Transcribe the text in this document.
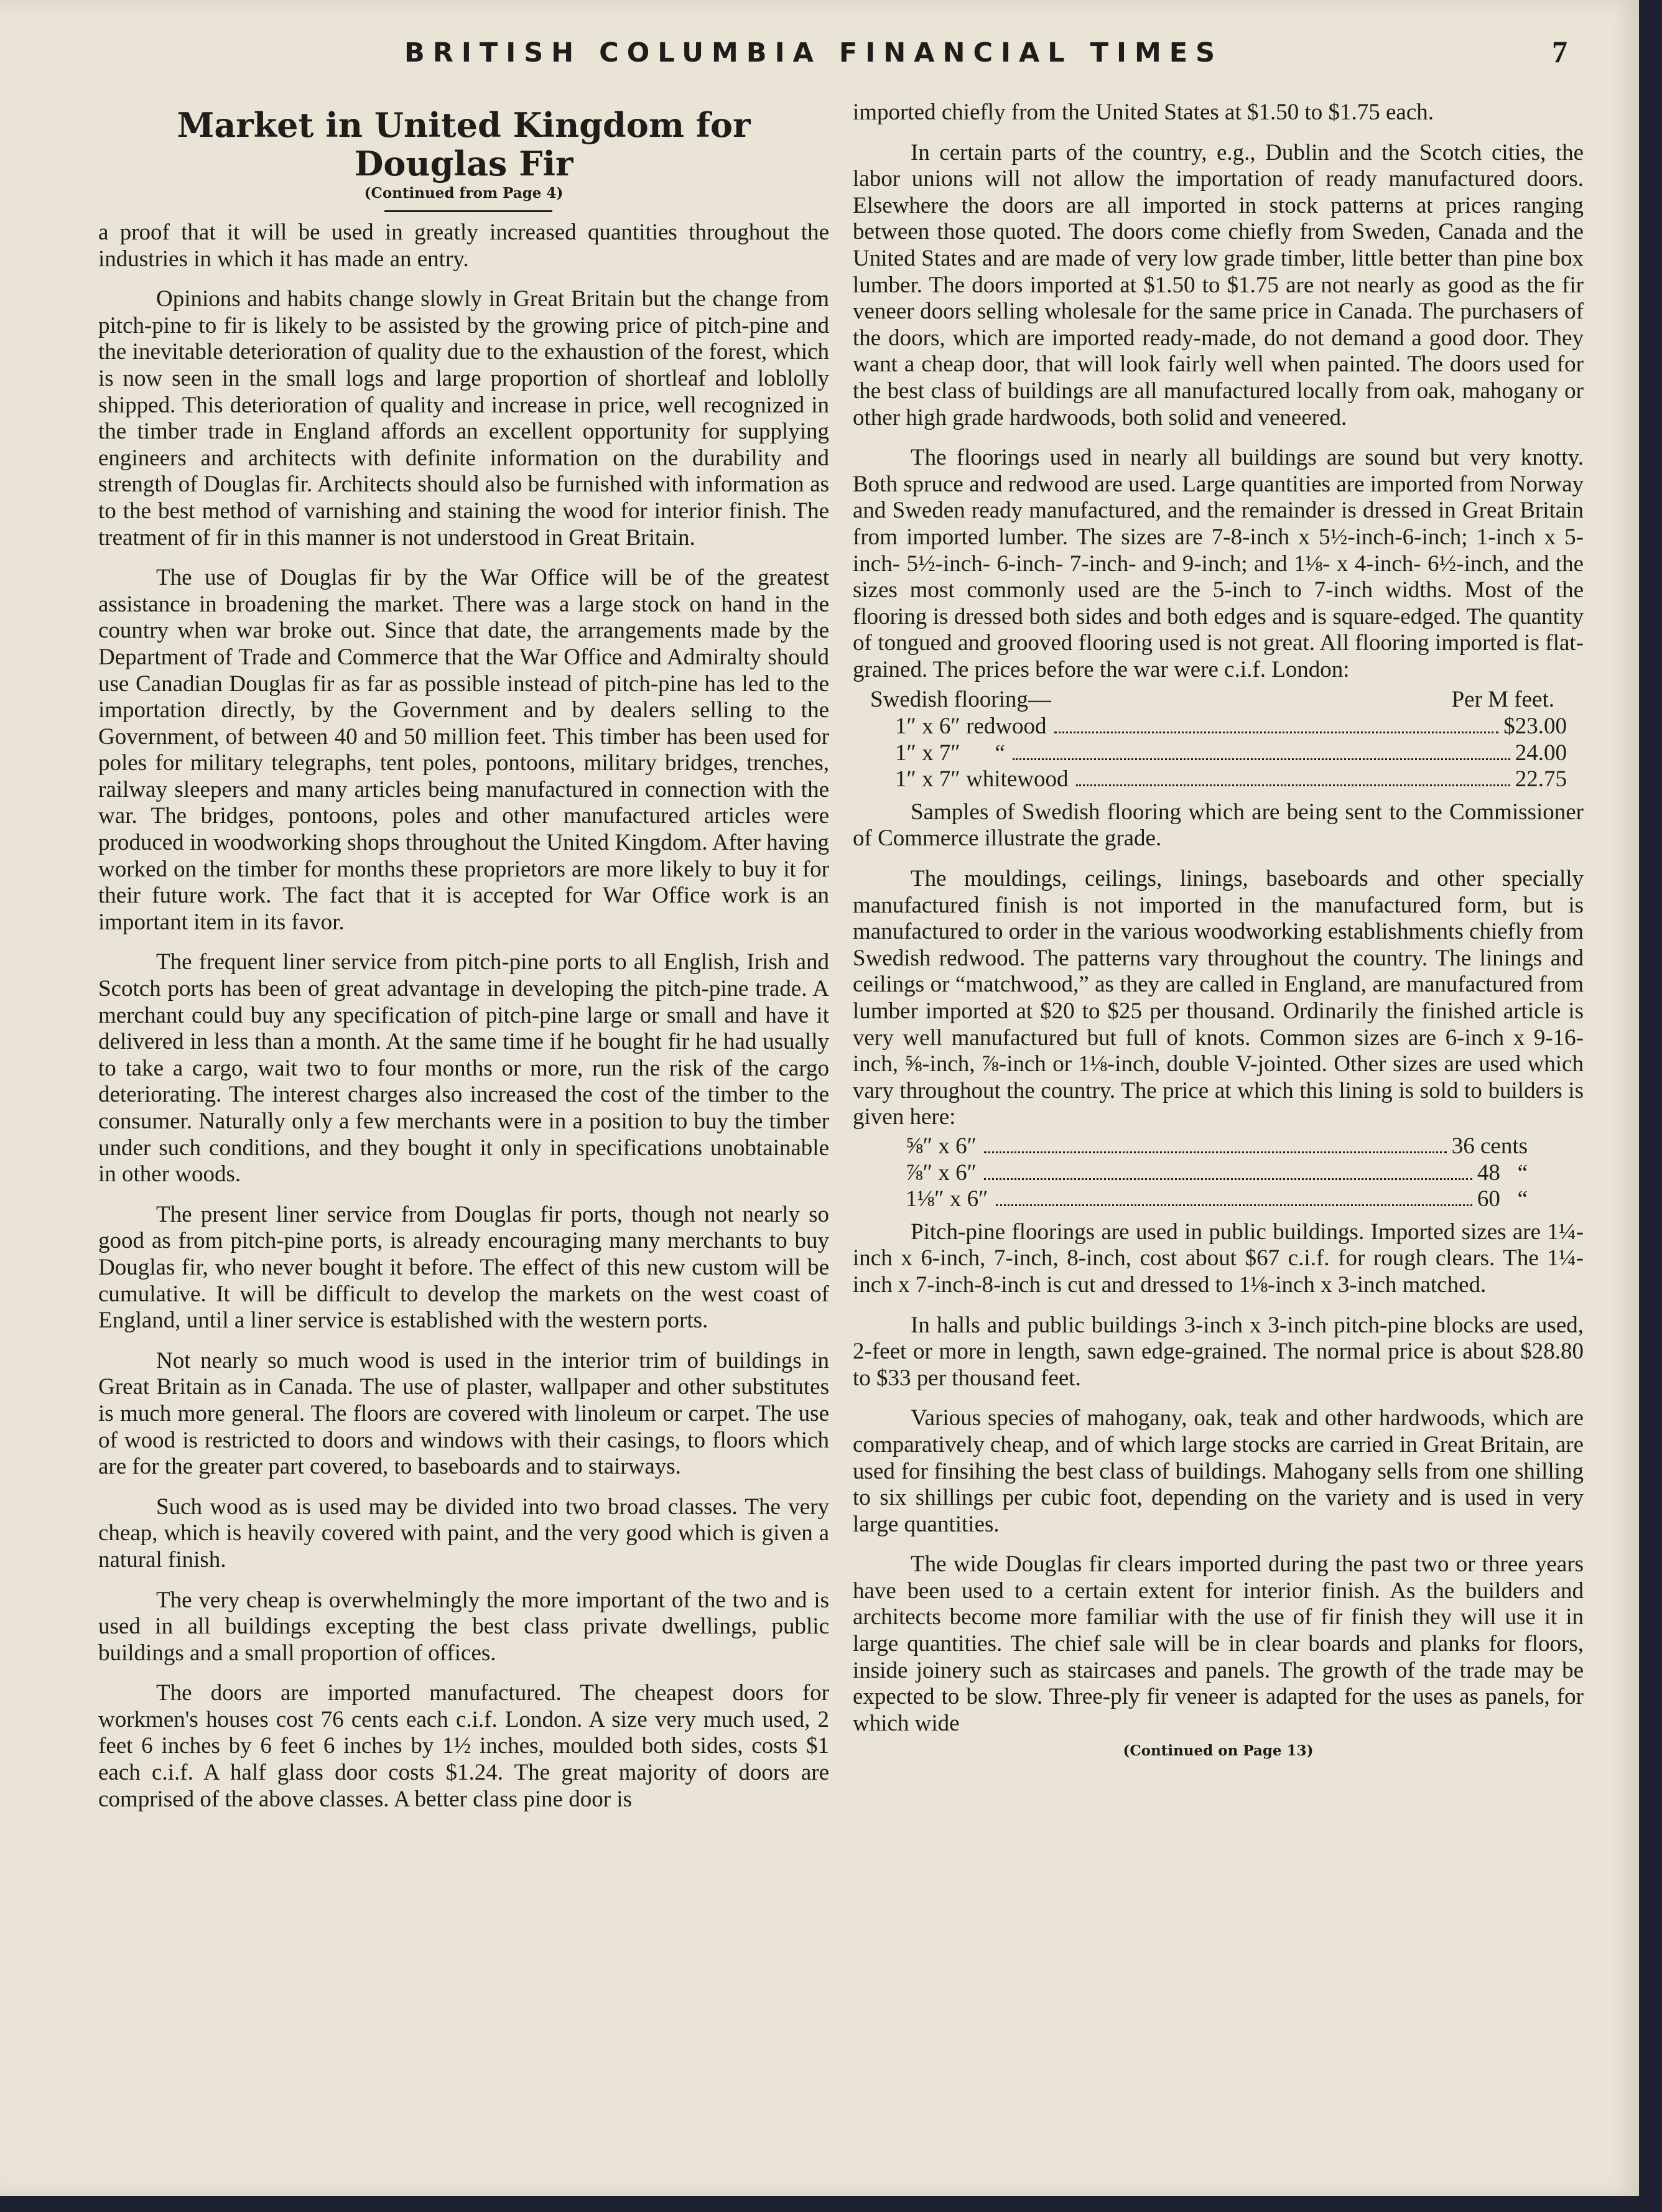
BRITISH COLUMBIA FINANCIAL TIMES	7
Market in United Kingdom for Douglas Fir
(Continued from Page 4)

a proof that it will be used in greatly increased quantities throughout the industries in which it has made an entry.

Opinions and habits change slowly in Great Britain but the change from pitch-pine to fir is likely to be assisted by the growing price of pitch-pine and the inevitable deterioration of quality due to the exhaustion of the forest, which is now seen in the small logs and large proportion of shortleaf and loblolly shipped. This deterioration of quality and increase in price, well recognized in the timber trade in England affords an excellent opportunity for supplying engineers and architects with definite information on the durability and strength of Douglas fir. Architects should also be furnished with information as to the best method of varnishing and staining the wood for interior finish. The treatment of fir in this manner is not understood in Great Britain.

The use of Douglas fir by the War Office will be of the greatest assistance in broadening the market. There was a large stock on hand in the country when war broke out. Since that date, the arrangements made by the Department of Trade and Commerce that the War Office and Admiralty should use Canadian Douglas fir as far as possible instead of pitch-pine has led to the importation directly, by the Government and by dealers selling to the Government, of between 40 and 50 million feet. This timber has been used for poles for military telegraphs, tent poles, pontoons, military bridges, trenches, railway sleepers and many articles being manufactured in connection with the war. The bridges, pontoons, poles and other manufactured articles were produced in woodworking shops throughout the United Kingdom. After having worked on the timber for months these proprietors are more likely to buy it for their future work. The fact that it is accepted for War Office work is an important item in its favor.

The frequent liner service from pitch-pine ports to all English, Irish and Scotch ports has been of great advantage in developing the pitch-pine trade. A merchant could buy any specification of pitch-pine large or small and have it delivered in less than a month. At the same time if he bought fir he had usually to take a cargo, wait two to four months or more, run the risk of the cargo deteriorating. The interest charges also increased the cost of the timber to the consumer. Naturally only a few merchants were in a position to buy the timber under such conditions, and they bought it only in specifications unobtainable in other woods.

The present liner service from Douglas fir ports, though not nearly so good as from pitch-pine ports, is already encouraging many merchants to buy Douglas fir, who never bought it before. The effect of this new custom will be cumulative. It will be difficult to develop the markets on the west coast of England, until a liner service is established with the western ports.

Not nearly so much wood is used in the interior trim of buildings in Great Britain as in Canada. The use of plaster, wallpaper and other substitutes is much more general. The floors are covered with linoleum or carpet. The use of wood is restricted to doors and windows with their casings, to floors which are for the greater part covered, to baseboards and to stairways.

Such wood as is used may be divided into two broad classes. The very cheap, which is heavily covered with paint, and the very good which is given a natural finish.

The very cheap is overwhelmingly the more important of the two and is used in all buildings excepting the best class private dwellings, public buildings and a small proportion of offices.

The doors are imported manufactured. The cheapest doors for workmen's houses cost 76 cents each c.i.f. London. A size very much used, 2 feet 6 inches by 6 feet 6 inches by 1½ inches, moulded both sides, costs $1 each c.i.f. A half glass door costs $1.24. The great majority of doors are comprised of the above classes. A better class pine door is

imported chiefly from the United States at $1.50 to $1.75 each.

In certain parts of the country, e.g., Dublin and the Scotch cities, the labor unions will not allow the importation of ready manufactured doors. Elsewhere the doors are all imported in stock patterns at prices ranging between those quoted. The doors come chiefly from Sweden, Canada and the United States and are made of very low grade timber, little better than pine box lumber. The doors imported at $1.50 to $1.75 are not nearly as good as the fir veneer doors selling wholesale for the same price in Canada. The purchasers of the doors, which are imported ready-made, do not demand a good door. They want a cheap door, that will look fairly well when painted. The doors used for the best class of buildings are all manufactured locally from oak, mahogany or other high grade hardwoods, both solid and veneered.

The floorings used in nearly all buildings are sound but very knotty. Both spruce and redwood are used. Large quantities are imported from Norway and Sweden ready manufactured, and the remainder is dressed in Great Britain from imported lumber. The sizes are 7-8-inch x 5½-inch-6-inch; 1-inch x 5-inch- 5½-inch- 6-inch- 7-inch- and 9-inch; and 1⅛- x 4-inch- 6½-inch, and the sizes most commonly used are the 5-inch to 7-inch widths. Most of the flooring is dressed both sides and both edges and is square-edged. The quantity of tongued and grooved flooring used is not great. All flooring imported is flat-grained. The prices before the war were c.i.f. London:

Swedish flooring—	Per M feet.
1″ x 6″ redwood	$23.00
1″ x 7″      “	24.00
1″ x 7″ whitewood	22.75

Samples of Swedish flooring which are being sent to the Commissioner of Commerce illustrate the grade.

The mouldings, ceilings, linings, baseboards and other specially manufactured finish is not imported in the manufactured form, but is manufactured to order in the various woodworking establishments chiefly from Swedish redwood. The patterns vary throughout the country. The linings and ceilings or “matchwood,” as they are called in England, are manufactured from lumber imported at $20 to $25 per thousand. Ordinarily the finished article is very well manufactured but full of knots. Common sizes are 6-inch x 9-16-inch, ⅝-inch, ⅞-inch or 1⅛-inch, double V-jointed. Other sizes are used which vary throughout the country. The price at which this lining is sold to builders is given here:

⅝″ x 6″	36 cents
⅞″ x 6″	48   “
1⅛″ x 6″	60   “

Pitch-pine floorings are used in public buildings. Imported sizes are 1¼-inch x 6-inch, 7-inch, 8-inch, cost about $67 c.i.f. for rough clears. The 1¼-inch x 7-inch-8-inch is cut and dressed to 1⅛-inch x 3-inch matched.

In halls and public buildings 3-inch x 3-inch pitch-pine blocks are used, 2-feet or more in length, sawn edge-grained. The normal price is about $28.80 to $33 per thousand feet.

Various species of mahogany, oak, teak and other hardwoods, which are comparatively cheap, and of which large stocks are carried in Great Britain, are used for finsihing the best class of buildings. Mahogany sells from one shilling to six shillings per cubic foot, depending on the variety and is used in very large quantities.

The wide Douglas fir clears imported during the past two or three years have been used to a certain extent for interior finish. As the builders and architects become more familiar with the use of fir finish they will use it in large quantities. The chief sale will be in clear boards and planks for floors, inside joinery such as staircases and panels. The growth of the trade may be expected to be slow. Three-ply fir veneer is adapted for the uses as panels, for which wide

(Continued on Page 13)
